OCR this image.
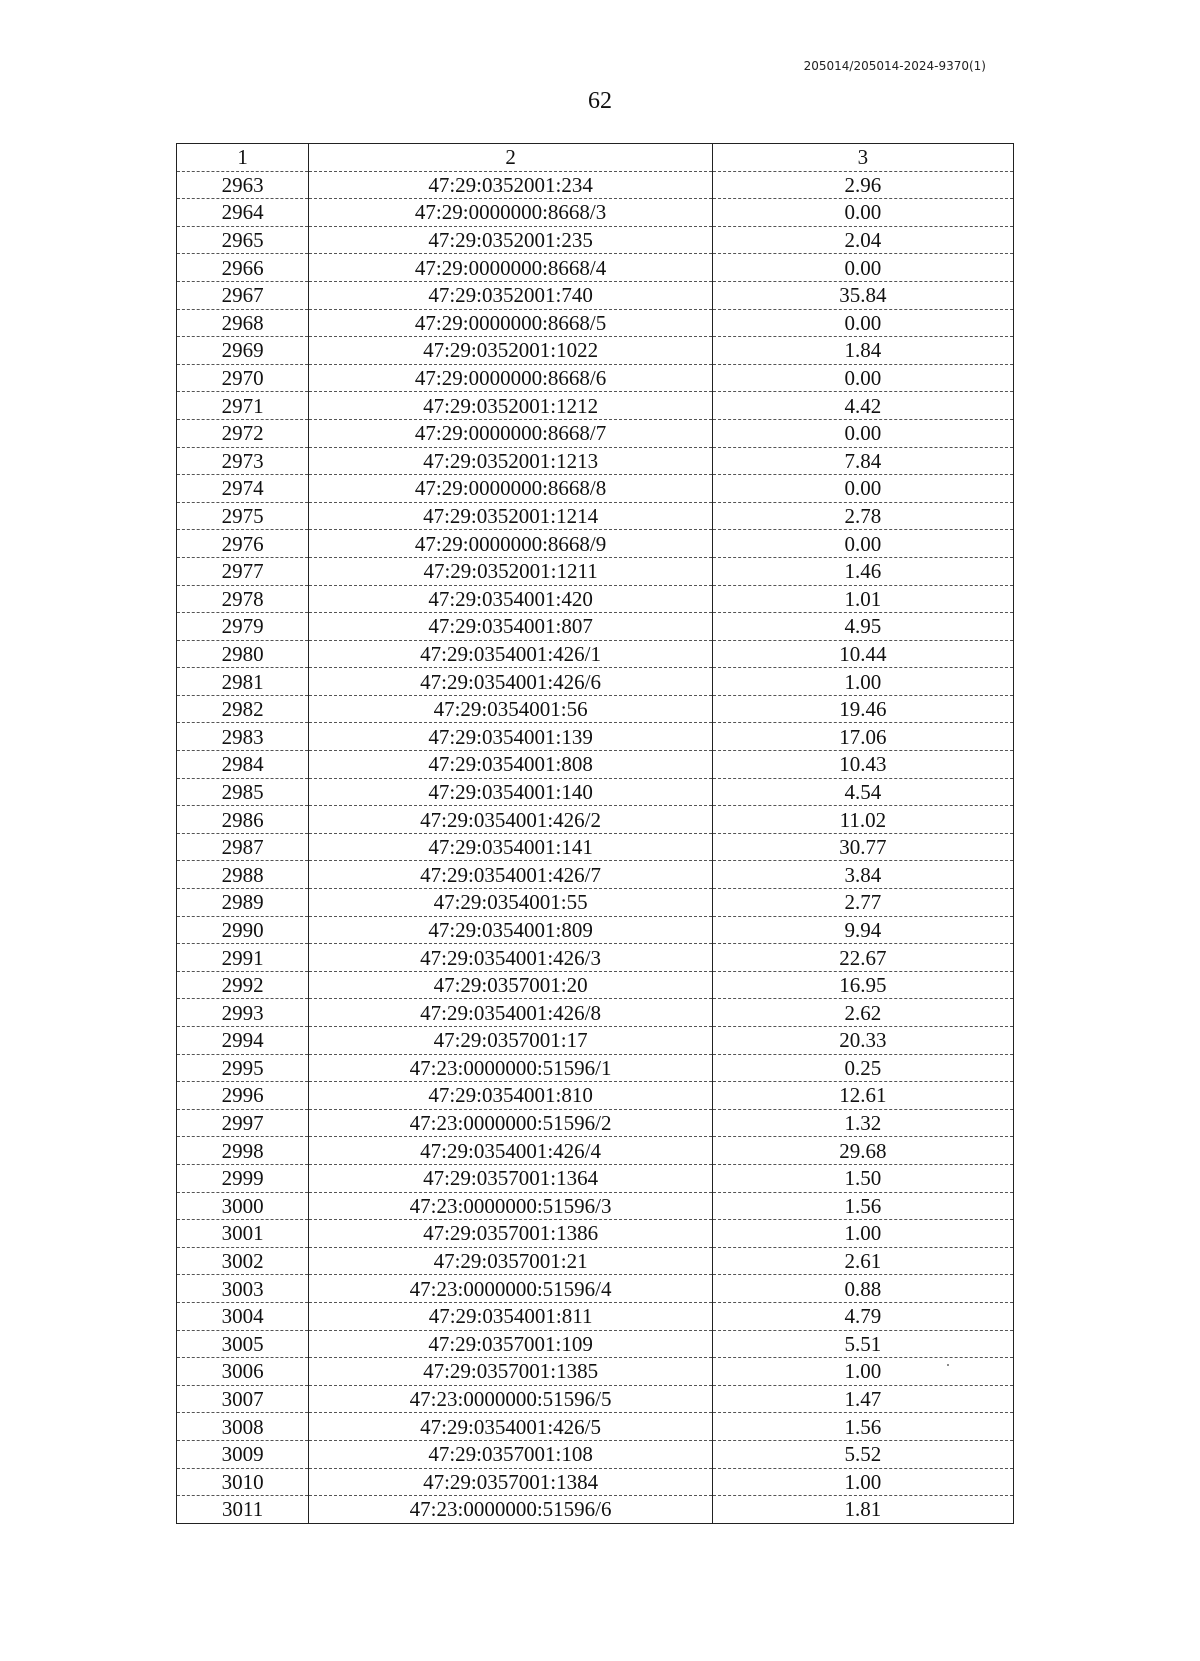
205014/205014-2024-9370(1)
62
1	2	3
2963	47:29:0352001:234	2.96
2964	47:29:0000000:8668/3	0.00
2965	47:29:0352001:235	2.04
2966	47:29:0000000:8668/4	0.00
2967	47:29:0352001:740	35.84
2968	47:29:0000000:8668/5	0.00
2969	47:29:0352001:1022	1.84
2970	47:29:0000000:8668/6	0.00
2971	47:29:0352001:1212	4.42
2972	47:29:0000000:8668/7	0.00
2973	47:29:0352001:1213	7.84
2974	47:29:0000000:8668/8	0.00
2975	47:29:0352001:1214	2.78
2976	47:29:0000000:8668/9	0.00
2977	47:29:0352001:1211	1.46
2978	47:29:0354001:420	1.01
2979	47:29:0354001:807	4.95
2980	47:29:0354001:426/1	10.44
2981	47:29:0354001:426/6	1.00
2982	47:29:0354001:56	19.46
2983	47:29:0354001:139	17.06
2984	47:29:0354001:808	10.43
2985	47:29:0354001:140	4.54
2986	47:29:0354001:426/2	11.02
2987	47:29:0354001:141	30.77
2988	47:29:0354001:426/7	3.84
2989	47:29:0354001:55	2.77
2990	47:29:0354001:809	9.94
2991	47:29:0354001:426/3	22.67
2992	47:29:0357001:20	16.95
2993	47:29:0354001:426/8	2.62
2994	47:29:0357001:17	20.33
2995	47:23:0000000:51596/1	0.25
2996	47:29:0354001:810	12.61
2997	47:23:0000000:51596/2	1.32
2998	47:29:0354001:426/4	29.68
2999	47:29:0357001:1364	1.50
3000	47:23:0000000:51596/3	1.56
3001	47:29:0357001:1386	1.00
3002	47:29:0357001:21	2.61
3003	47:23:0000000:51596/4	0.88
3004	47:29:0354001:811	4.79
3005	47:29:0357001:109	5.51
3006	47:29:0357001:1385	1.00
3007	47:23:0000000:51596/5	1.47
3008	47:29:0354001:426/5	1.56
3009	47:29:0357001:108	5.52
3010	47:29:0357001:1384	1.00
3011	47:23:0000000:51596/6	1.81
